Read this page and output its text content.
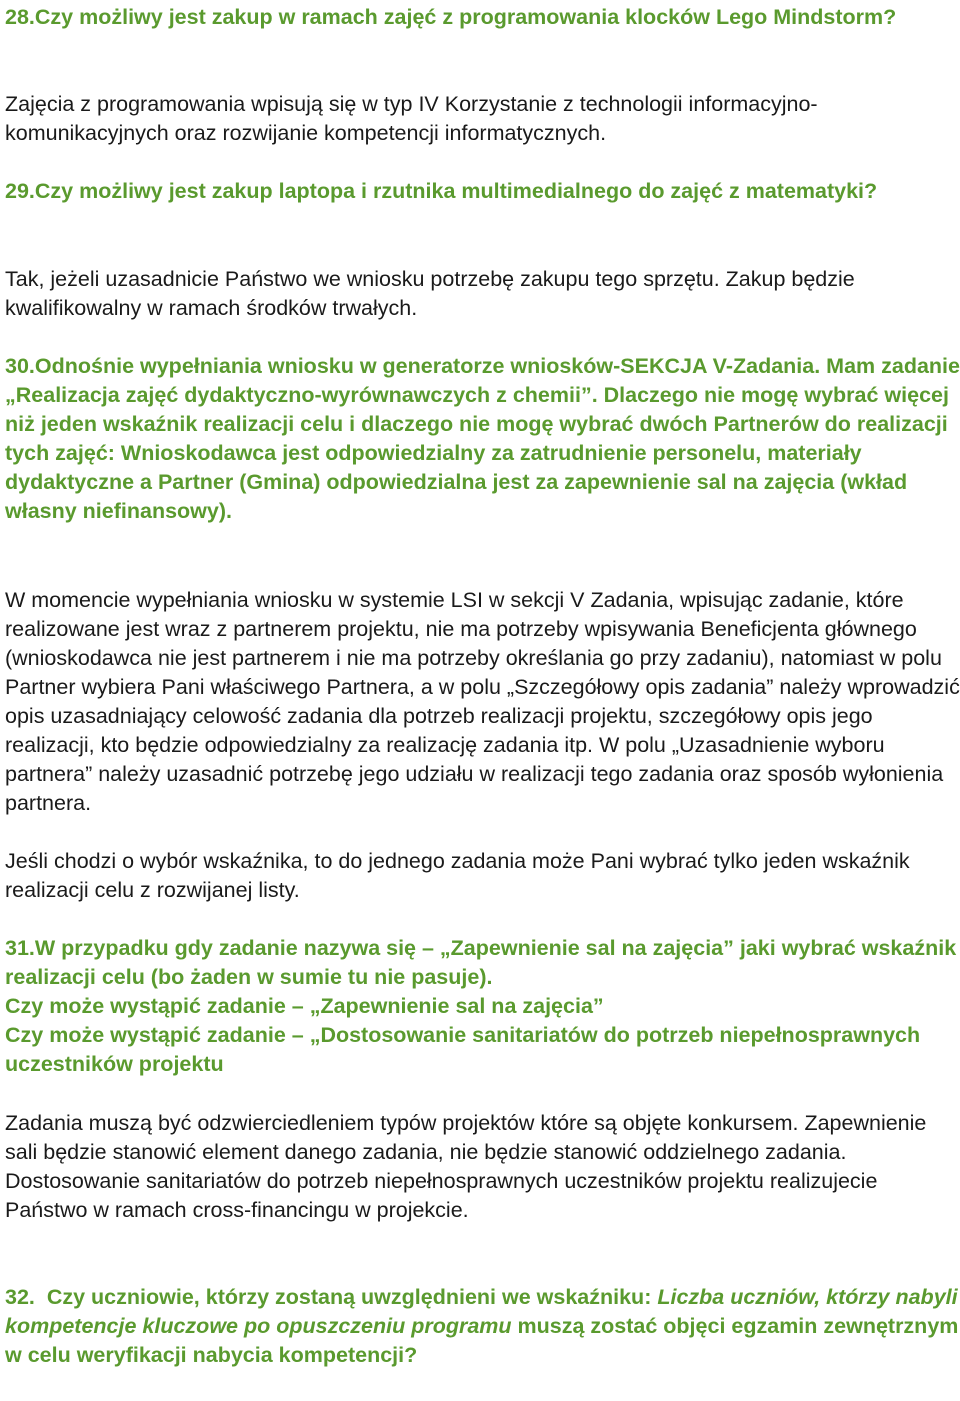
28.Czy możliwy jest zakup w ramach zajęć z programowania klocków Lego Mindstorm?

Zajęcia z programowania wpisują się w typ IV Korzystanie z technologii informacyjno-komunikacyjnych oraz rozwijanie kompetencji informatycznych.

29.Czy możliwy jest zakup laptopa i rzutnika multimedialnego do zajęć z matematyki?

Tak, jeżeli uzasadnicie Państwo we wniosku potrzebę zakupu tego sprzętu. Zakup będzie kwalifikowalny w ramach środków trwałych.

30.Odnośnie wypełniania wniosku w generatorze wniosków-SEKCJA V-Zadania. Mam zadanie „Realizacja zajęć dydaktyczno-wyrównawczych z chemii”. Dlaczego nie mogę wybrać więcej niż jeden wskaźnik realizacji celu i dlaczego nie mogę wybrać dwóch Partnerów do realizacji tych zajęć: Wnioskodawca jest odpowiedzialny za zatrudnienie personelu, materiały dydaktyczne a Partner (Gmina) odpowiedzialna jest za zapewnienie sal na zajęcia (wkład własny niefinansowy).

W momencie wypełniania wniosku w systemie LSI w sekcji V Zadania, wpisując zadanie, które realizowane jest wraz z partnerem projektu, nie ma potrzeby wpisywania Beneficjenta głównego (wnioskodawca nie jest partnerem i nie ma potrzeby określania go przy zadaniu), natomiast w polu Partner wybiera Pani właściwego Partnera, a w polu „Szczegółowy opis zadania” należy wprowadzić opis uzasadniający celowość zadania dla potrzeb realizacji projektu, szczegółowy opis jego realizacji, kto będzie odpowiedzialny za realizację zadania itp. W polu „Uzasadnienie wyboru partnera” należy uzasadnić potrzebę jego udziału w realizacji tego zadania oraz sposób wyłonienia partnera.

Jeśli chodzi o wybór wskaźnika, to do jednego zadania może Pani wybrać tylko jeden wskaźnik realizacji celu z rozwijanej listy.

31.W przypadku gdy zadanie nazywa się – „Zapewnienie sal na zajęcia” jaki wybrać wskaźnik realizacji celu (bo żaden w sumie tu nie pasuje).

Czy może wystąpić zadanie – „Zapewnienie sal na zajęcia”

Czy może wystąpić zadanie – „Dostosowanie sanitariatów do potrzeb niepełnosprawnych uczestników projektu

Zadania muszą być odzwierciedleniem typów projektów które są objęte konkursem. Zapewnienie sali będzie stanowić element danego zadania, nie będzie stanowić oddzielnego zadania. Dostosowanie sanitariatów do potrzeb niepełnosprawnych uczestników projektu realizujecie Państwo w ramach cross-financingu w projekcie.

32. Czy uczniowie, którzy zostaną uwzględnieni we wskaźniku: Liczba uczniów, którzy nabyli kompetencje kluczowe po opuszczeniu programu muszą zostać objęci egzamin zewnętrznym w celu weryfikacji nabycia kompetencji?
